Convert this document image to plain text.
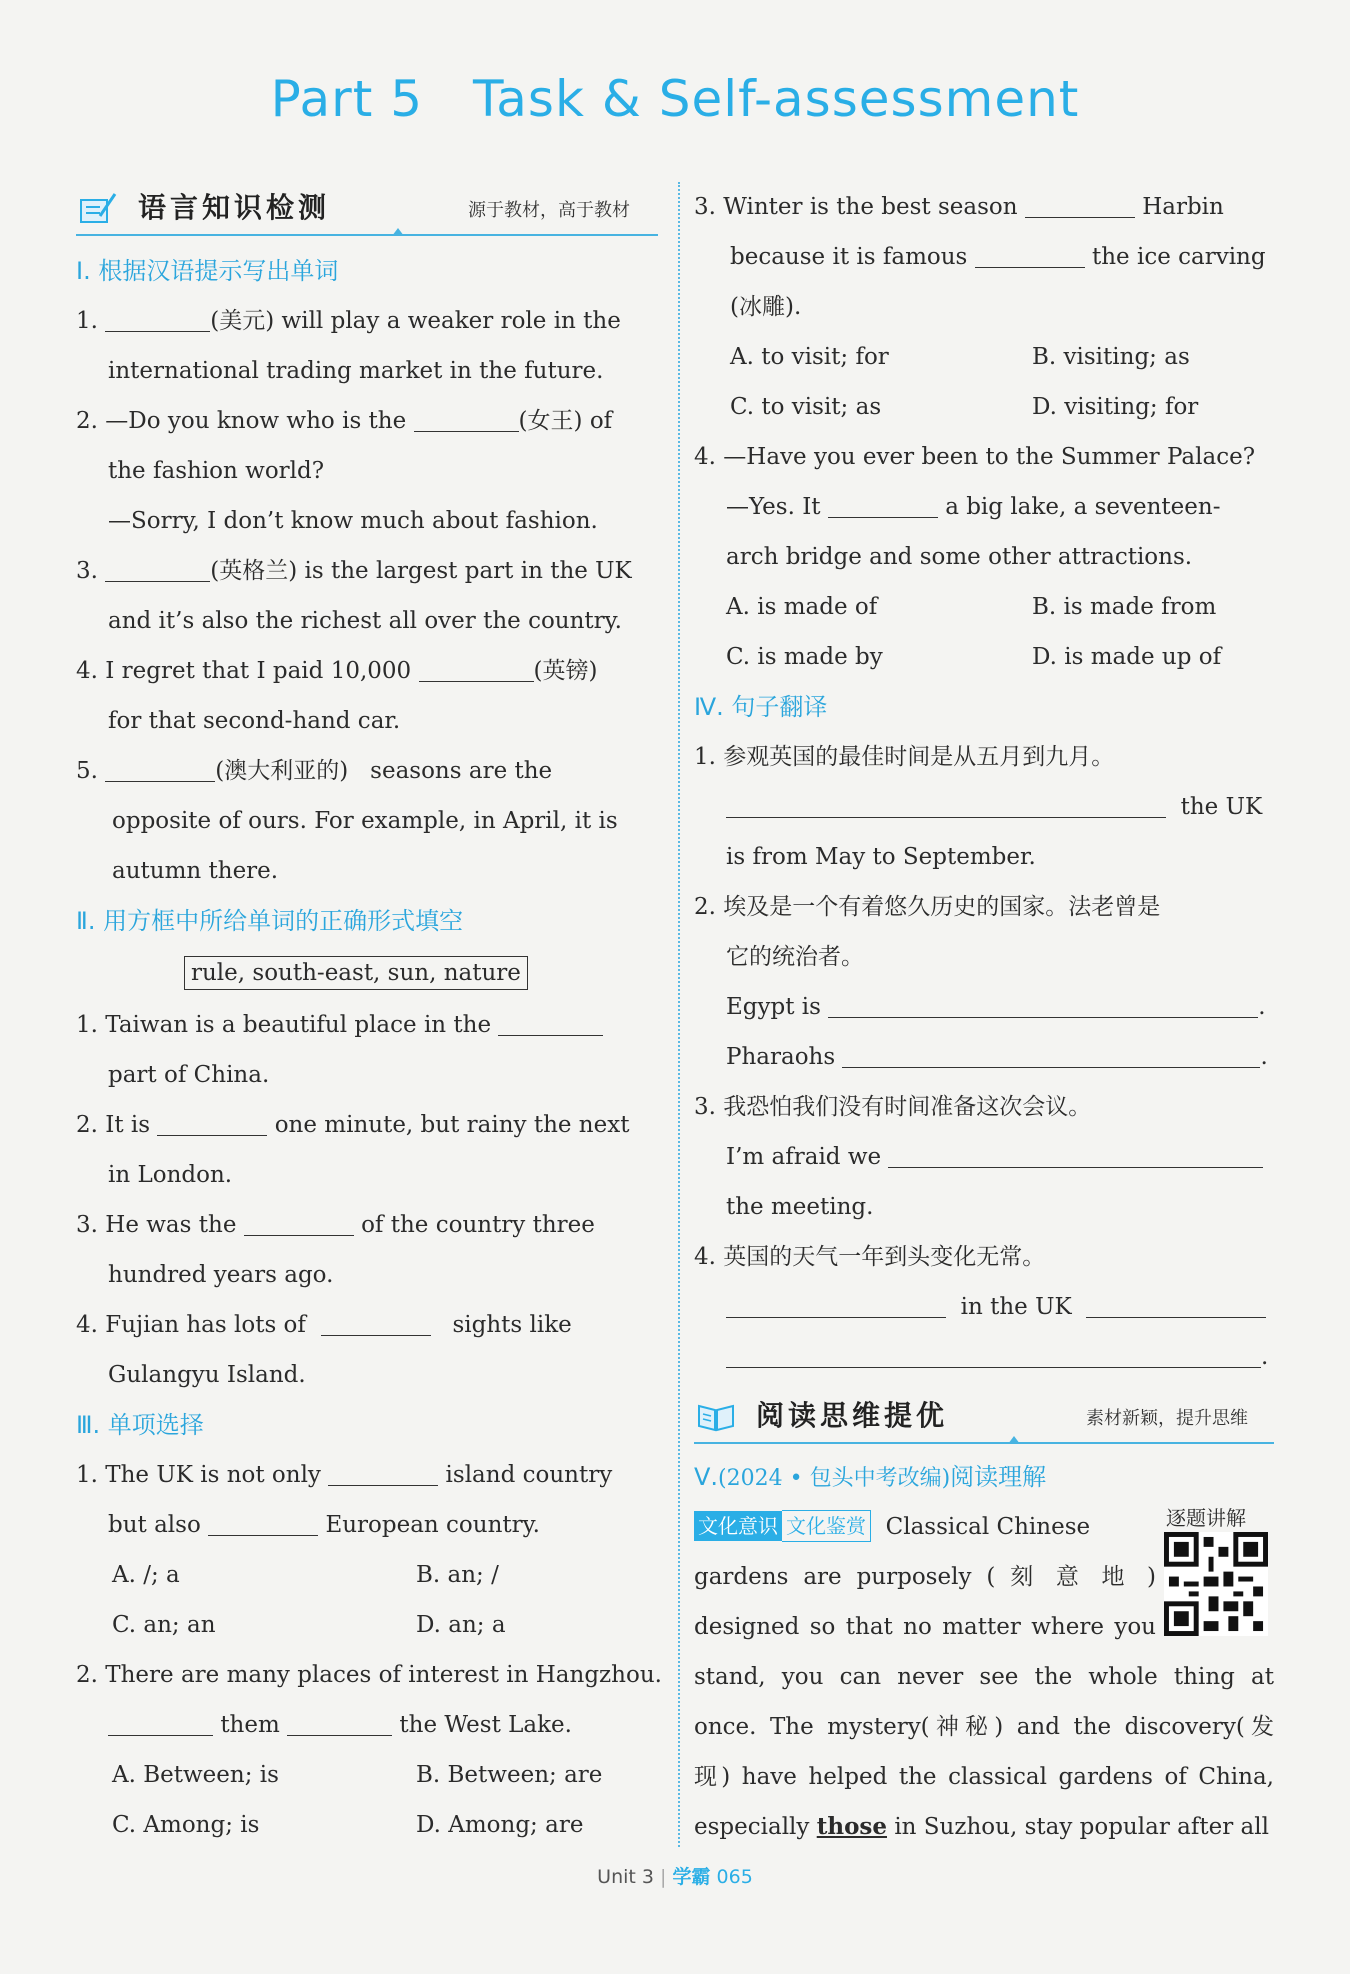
Part 5 Task & Self-assessment
语言知识检测	源于教材，高于教材
Ⅰ. 根据汉语提示写出单词
1.	(美元) will play a weaker role in the
international trading market in the future.
2. —Do you know who is the	(女王) of
the fashion world?
—Sorry, I don’t know much about fashion.
3.	(英格兰) is the largest part in the UK
and it’s also the richest all over the country.
4. I regret that I paid 10,000	(英镑)
for that second-hand car.
5.	(澳大利亚的) seasons are the
opposite of ours. For example, in April, it is
autumn there.
Ⅱ. 用方框中所给单词的正确形式填空
rule, south-east, sun, nature
1. Taiwan is a beautiful place in the
part of China.
2. It is	one minute, but rainy the next
in London.
3. He was the	of the country three
hundred years ago.
4. Fujian has lots of	sights like
Gulangyu Island.
Ⅲ. 单项选择
1. The UK is not only	island country
but also	European country.
A. /; a	B. an; /
C. an; an	D. an; a
2. There are many places of interest in Hangzhou.
them	the West Lake.
A. Between; is	B. Between; are
C. Among; is	D. Among; are
3. Winter is the best season	Harbin
because it is famous	the ice carving
(冰雕).
A. to visit; for	B. visiting; as
C. to visit; as	D. visiting; for
4. —Have you ever been to the Summer Palace?
—Yes. It	a big lake, a seventeen-
arch bridge and some other attractions.
A. is made of	B. is made from
C. is made by	D. is made up of
Ⅳ. 句子翻译
1. 参观英国的最佳时间是从五月到九月。
the UK
is from May to September.
2. 埃及是一个有着悠久历史的国家。法老曾是
它的统治者。
Egypt is	.
Pharaohs	.
3. 我恐怕我们没有时间准备这次会议。
I’m afraid we
the meeting.
4. 英国的天气一年到头变化无常。
in the UK
.
阅读思维提优	素材新颖，提升思维
Ⅴ.(2024 • 包头中考改编)阅读理解
逐题讲解
文化意识 文化鉴赏 Classical Chinese
gardens are purposely ( 刻 意 地 )
designed so that no matter where you
stand, you can never see the whole thing at
once. The mystery(神秘) and the discovery(发
现) have helped the classical gardens of China,
especially those in Suzhou, stay popular after all
Unit 3 | 学霸 065
